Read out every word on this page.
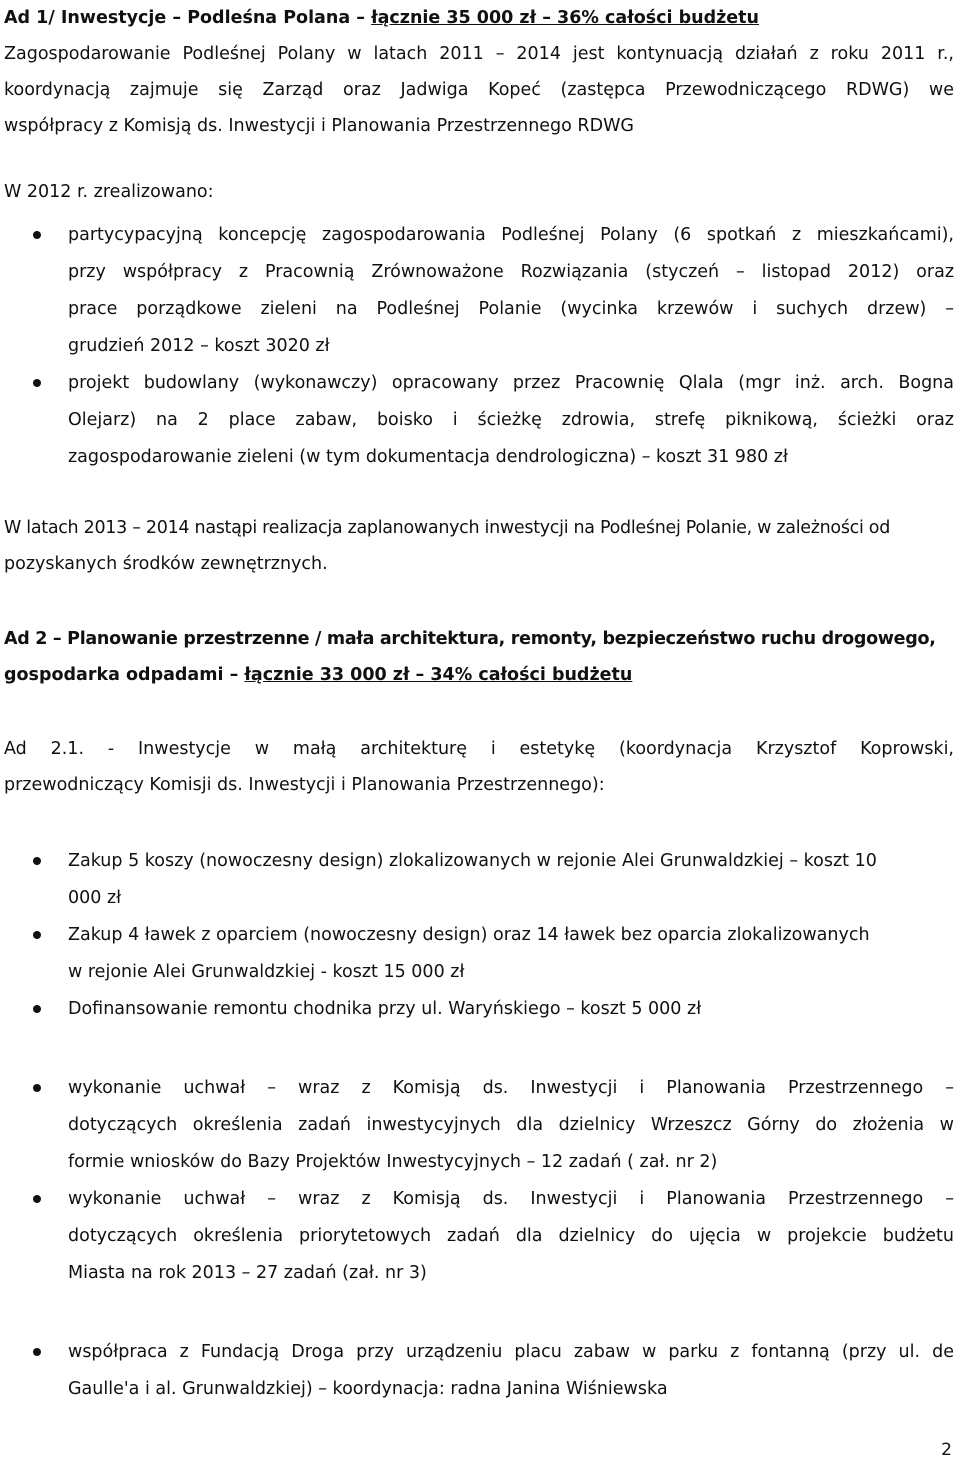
Ad 1/ Inwestycje – Podleśna Polana – łącznie 35 000 zł – 36% całości budżetu
Zagospodarowanie Podleśnej Polany w latach 2011 – 2014 jest kontynuacją działań z roku 2011 r.,
koordynacją zajmuje się Zarząd oraz Jadwiga Kopeć (zastępca Przewodniczącego RDWG) we
współpracy z Komisją ds. Inwestycji i Planowania Przestrzennego RDWG
W 2012 r. zrealizowano:
partycypacyjną koncepcję zagospodarowania Podleśnej Polany (6 spotkań z mieszkańcami),
przy współpracy z Pracownią Zrównoważone Rozwiązania (styczeń – listopad 2012) oraz
prace porządkowe zieleni na Podleśnej Polanie (wycinka krzewów i suchych drzew) –
grudzień 2012 – koszt 3020 zł
projekt budowlany (wykonawczy) opracowany przez Pracownię Qlala (mgr inż. arch. Bogna
Olejarz) na 2 place zabaw, boisko i ścieżkę zdrowia, strefę piknikową, ścieżki oraz
zagospodarowanie zieleni (w tym dokumentacja dendrologiczna) – koszt 31 980 zł
W latach 2013 – 2014 nastąpi realizacja zaplanowanych inwestycji na Podleśnej Polanie, w zależności od
pozyskanych środków zewnętrznych.
Ad 2 – Planowanie przestrzenne / mała architektura, remonty, bezpieczeństwo ruchu drogowego,
gospodarka odpadami – łącznie 33 000 zł – 34% całości budżetu
Ad 2.1. - Inwestycje w małą architekturę i estetykę (koordynacja Krzysztof Koprowski,
przewodniczący Komisji ds. Inwestycji i Planowania Przestrzennego):
Zakup 5 koszy (nowoczesny design) zlokalizowanych w rejonie Alei Grunwaldzkiej – koszt 10
000 zł
Zakup 4 ławek z oparciem (nowoczesny design) oraz 14 ławek bez oparcia zlokalizowanych
w rejonie Alei Grunwaldzkiej - koszt 15 000 zł
Dofinansowanie remontu chodnika przy ul. Waryńskiego – koszt 5 000 zł
wykonanie uchwał – wraz z Komisją ds. Inwestycji i Planowania Przestrzennego –
dotyczących określenia zadań inwestycyjnych dla dzielnicy Wrzeszcz Górny do złożenia w
formie wniosków do Bazy Projektów Inwestycyjnych – 12 zadań ( zał. nr 2)
wykonanie uchwał – wraz z Komisją ds. Inwestycji i Planowania Przestrzennego –
dotyczących określenia priorytetowych zadań dla dzielnicy do ujęcia w projekcie budżetu
Miasta na rok 2013 – 27 zadań (zał. nr 3)
współpraca z Fundacją Droga przy urządzeniu placu zabaw w parku z fontanną (przy ul. de
Gaulle'a i al. Grunwaldzkiej) – koordynacja: radna Janina Wiśniewska
2
